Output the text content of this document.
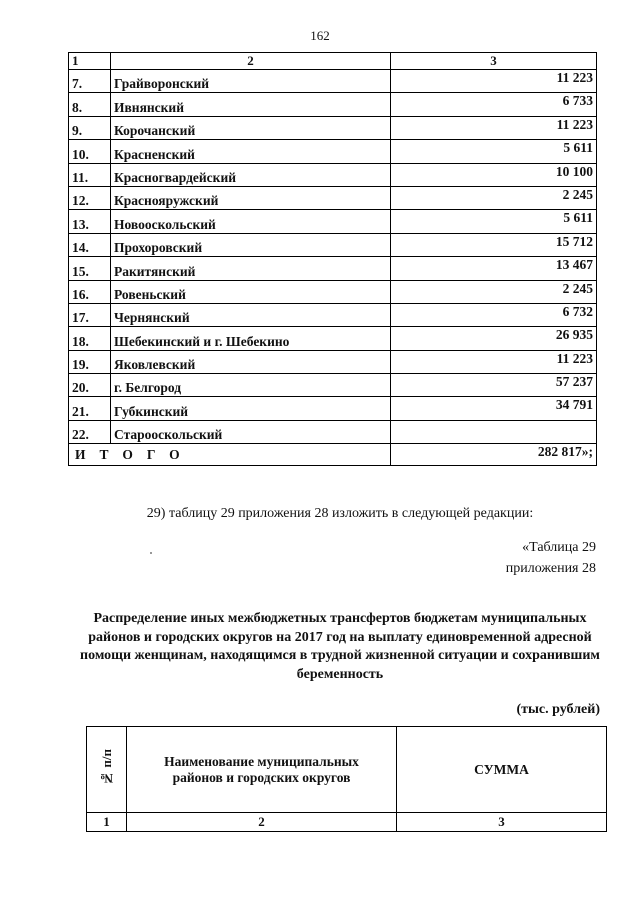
162
1	2	3
7.	Грайворонский	11 223
8.	Ивнянский	6 733
9.	Корочанский	11 223
10.	Красненский	5 611
11.	Красногвардейский	10 100
12.	Краснояружский	2 245
13.	Новооскольский	5 611
14.	Прохоровский	15 712
15.	Ракитянский	13 467
16.	Ровеньский	2 245
17.	Чернянский	6 732
18.	Шебекинский и г. Шебекино	26 935
19.	Яковлевский	11 223
20.	г. Белгород	57 237
21.	Губкинский	34 791
22.	Старооскольский	
ИТОГО		282 817»;
29) таблицу 29 приложения 28 изложить в следующей редакции:
«Таблица 29
приложения 28
Распределение иных межбюджетных трансфертов бюджетам муниципальных районов и городских округов на 2017 год на выплату единовременной адресной помощи женщинам, находящимся в трудной жизненной ситуации и сохранившим беременность
(тыс. рублей)
№ п/п	Наименование муниципальных районов и городских округов	СУММА
1	2	3
